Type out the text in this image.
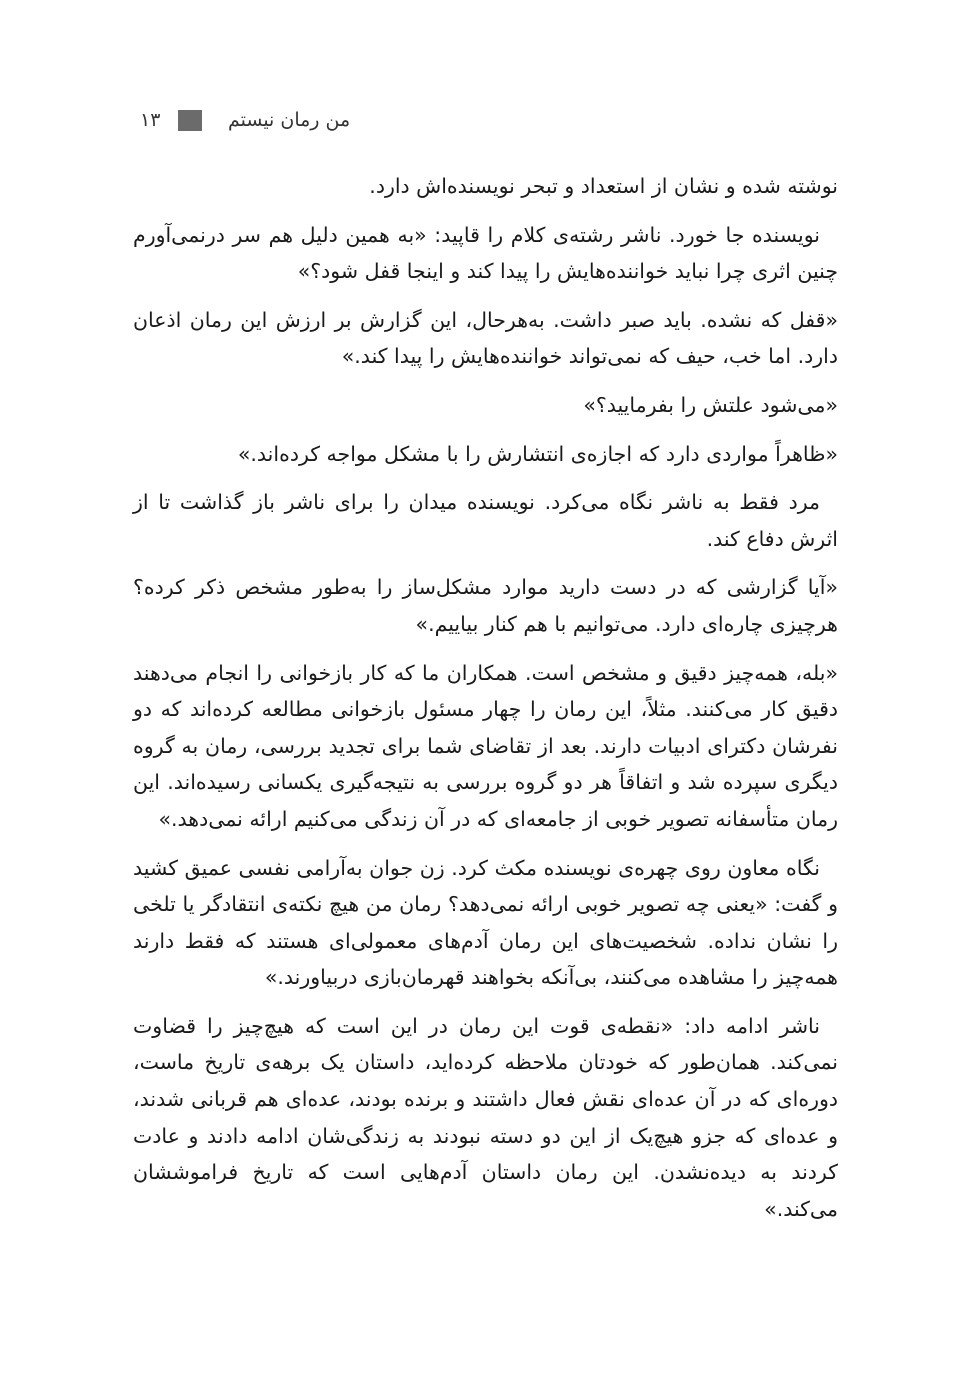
۱۳	من رمان نیستم

نوشته شده و نشان از استعداد و تبحر نویسنده‌اش دارد.

نویسنده جا خورد. ناشر رشته‌ی کلام را قاپید: «به همین دلیل هم سر درنمی‌آورم چنین اثری چرا نباید خواننده‌هایش را پیدا کند و اینجا قفل شود؟»

«قفل که نشده. باید صبر داشت. به‌هرحال، این گزارش بر ارزش این رمان اذعان دارد. اما خب، حیف که نمی‌تواند خواننده‌هایش را پیدا کند.»

«می‌شود علتش را بفرمایید؟»

«ظاهراً مواردی دارد که اجازه‌ی انتشارش را با مشکل مواجه کرده‌اند.»

مرد فقط به ناشر نگاه می‌کرد. نویسنده میدان را برای ناشر باز گذاشت تا از اثرش دفاع کند.

«آیا گزارشی که در دست دارید موارد مشکل‌ساز را به‌طور مشخص ذکر کرده؟ هرچیزی چاره‌ای دارد. می‌توانیم با هم کنار بیاییم.»

«بله، همه‌چیز دقیق و مشخص است. همکاران ما که کار بازخوانی را انجام می‌دهند دقیق کار می‌کنند. مثلاً، این رمان را چهار مسئول بازخوانی مطالعه کرده‌اند که دو نفرشان دکترای ادبیات دارند. بعد از تقاضای شما برای تجدید بررسی، رمان به گروه دیگری سپرده شد و اتفاقاً هر دو گروه بررسی به نتیجه‌گیری یکسانی رسیده‌اند. این رمان متأسفانه تصویر خوبی از جامعه‌ای که در آن زندگی می‌کنیم ارائه نمی‌دهد.»

نگاه معاون روی چهره‌ی نویسنده مکث کرد. زن جوان به‌آرامی نفسی عمیق کشید و گفت: «یعنی چه تصویر خوبی ارائه نمی‌دهد؟ رمان من هیچ نکته‌ی انتقادگر یا تلخی را نشان نداده. شخصیت‌های این رمان آدم‌های معمولی‌ای هستند که فقط دارند همه‌چیز را مشاهده می‌کنند، بی‌آنکه بخواهند قهرمان‌بازی دربیاورند.»

ناشر ادامه داد: «نقطه‌ی قوت این رمان در این است که هیچ‌چیز را قضاوت نمی‌کند. همان‌طور که خودتان ملاحظه کرده‌اید، داستان یک برهه‌ی تاریخ ماست، دوره‌ای که در آن عده‌ای نقش فعال داشتند و برنده بودند، عده‌ای هم قربانی شدند، و عده‌ای که جزو هیچ‌یک از این دو دسته نبودند به زندگی‌شان ادامه دادند و عادت کردند به دیده‌نشدن. این رمان داستان آدم‌هایی است که تاریخ فراموششان می‌کند.»
